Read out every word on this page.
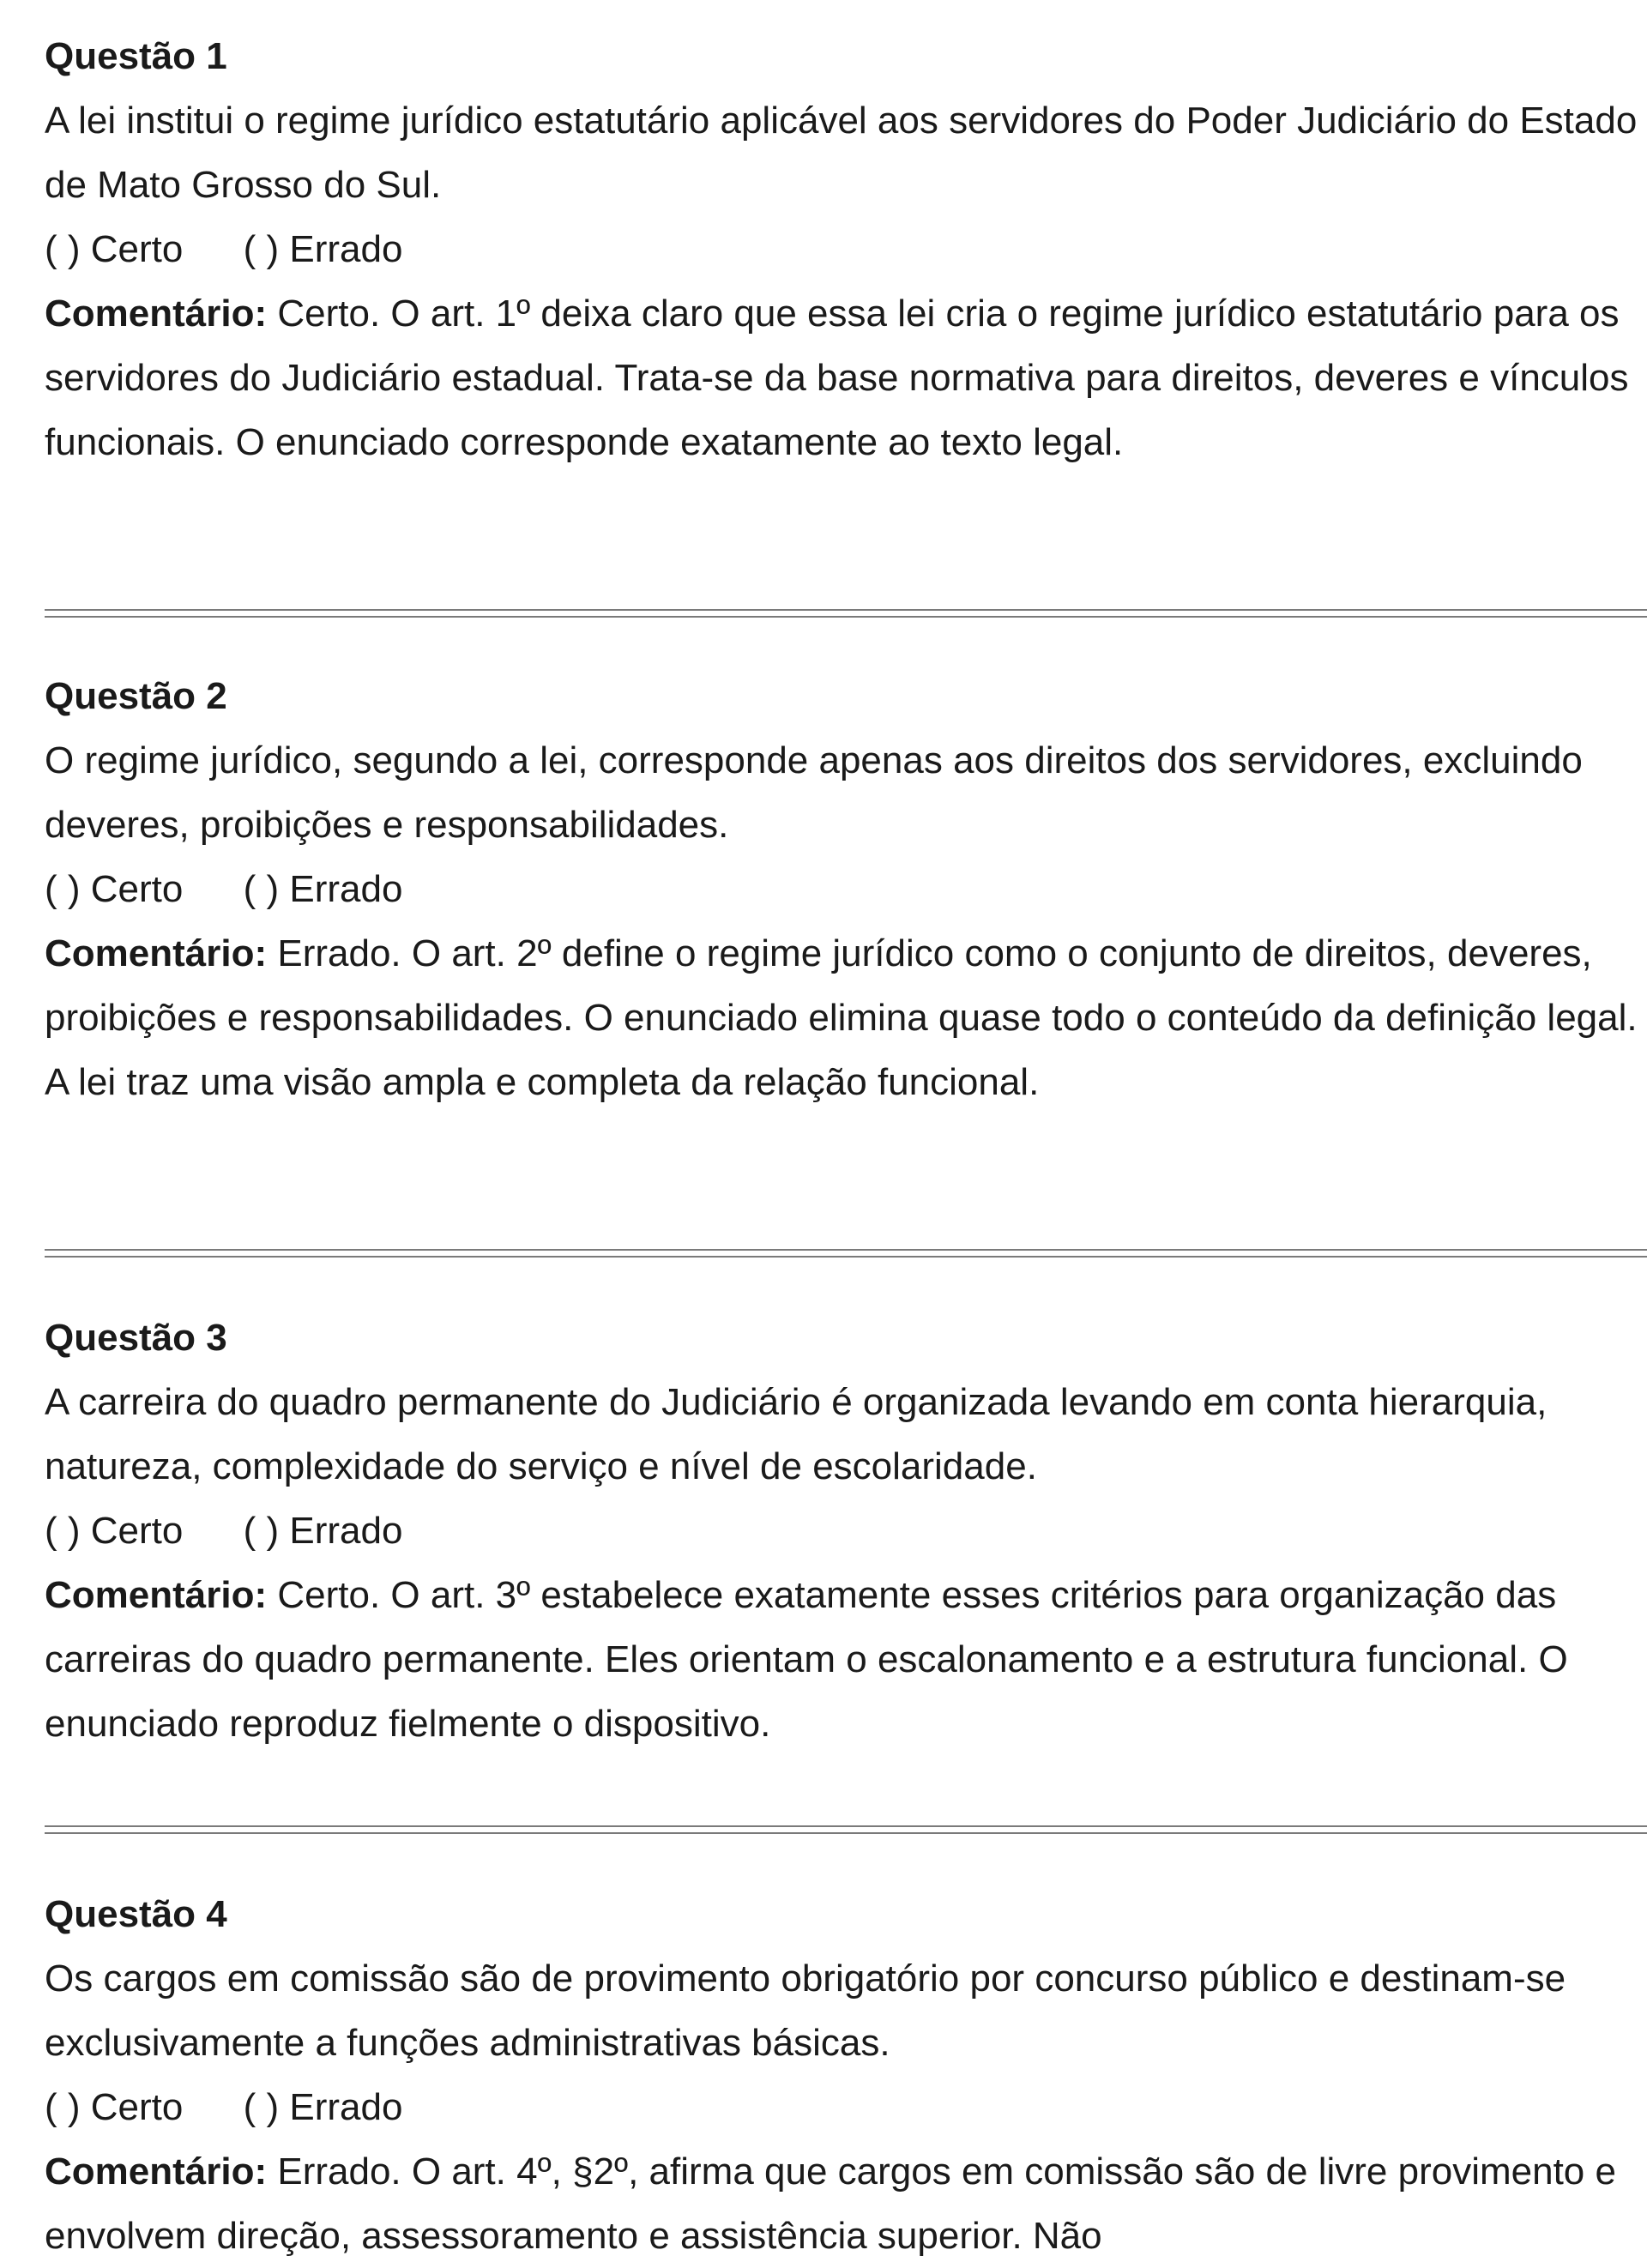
Questão 1

A lei institui o regime jurídico estatutário aplicável aos servidores do Poder Judiciário do Estado de Mato Grosso do Sul.

( ) Certo ( ) Errado

Comentário: Certo. O art. 1º deixa claro que essa lei cria o regime jurídico estatutário para os servidores do Judiciário estadual. Trata-se da base normativa para direitos, deveres e vínculos funcionais. O enunciado corresponde exatamente ao texto legal.

Questão 2

O regime jurídico, segundo a lei, corresponde apenas aos direitos dos servidores, excluindo deveres, proibições e responsabilidades.

( ) Certo ( ) Errado

Comentário: Errado. O art. 2º define o regime jurídico como o conjunto de direitos, deveres, proibições e responsabilidades. O enunciado elimina quase todo o conteúdo da definição legal. A lei traz uma visão ampla e completa da relação funcional.

Questão 3

A carreira do quadro permanente do Judiciário é organizada levando em conta hierarquia, natureza, complexidade do serviço e nível de escolaridade.

( ) Certo ( ) Errado

Comentário: Certo. O art. 3º estabelece exatamente esses critérios para organização das carreiras do quadro permanente. Eles orientam o escalonamento e a estrutura funcional. O enunciado reproduz fielmente o dispositivo.

Questão 4

Os cargos em comissão são de provimento obrigatório por concurso público e destinam-se exclusivamente a funções administrativas básicas.

( ) Certo ( ) Errado

Comentário: Errado. O art. 4º, §2º, afirma que cargos em comissão são de livre provimento e envolvem direção, assessoramento e assistência superior. Não
